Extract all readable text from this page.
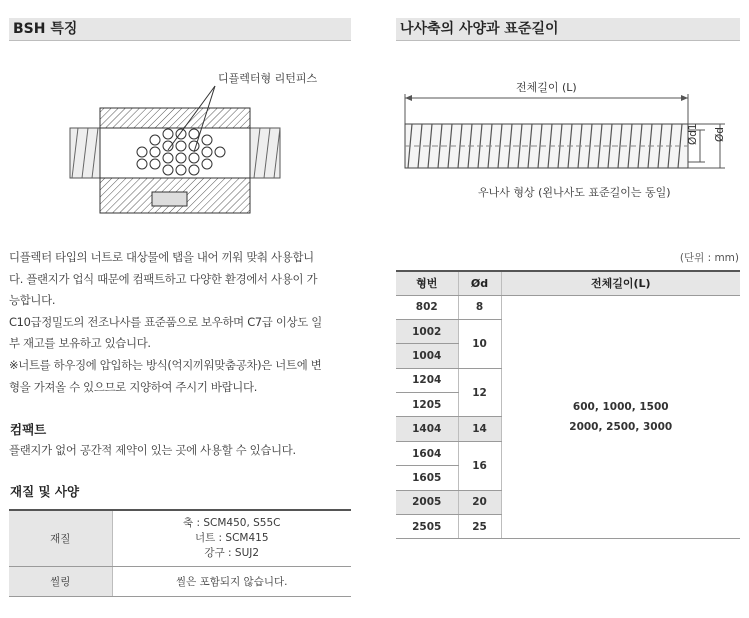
BSH 특징
디플렉터형 리턴피스
디플렉터 타입의 너트로 대상물에 탭을 내어 끼워 맞춰 사용합니
다. 플랜지가 업식 때문에 컴팩트하고 다양한 환경에서 사용이 가
능합니다.
C10급정밀도의 전조나사를 표준품으로 보우하며 C7급 이상도 일
부 재고를 보유하고 있습니다.
※너트를 하우징에 압입하는 방식(억지끼워맞춤공차)은 너트에 변
형을 가져올 수 있으므로 지양하여 주시기 바랍니다.
컴팩트
플랜지가 없어 공간적 제약이 있는 곳에 사용할 수 있습니다.
재질 및 사양
재질	축 : SCM450, S55C
너트 : SCM415
강구 : SUJ2

씰링	씰은 포함되지 않습니다.
나사축의 사양과 표준길이
전체길이 (L)
Ød1 Ød
우나사 형상 (왼나사도 표준길이는 동일)
(단위 : mm)
형번	Ød	전체길이(L)
802	8	600, 1000, 1500
2000, 2500, 3000

1002	10	
1004		
1204	12	
1205		
1404	14	
1604	16	
1605		
2005	20	
2505	25	
